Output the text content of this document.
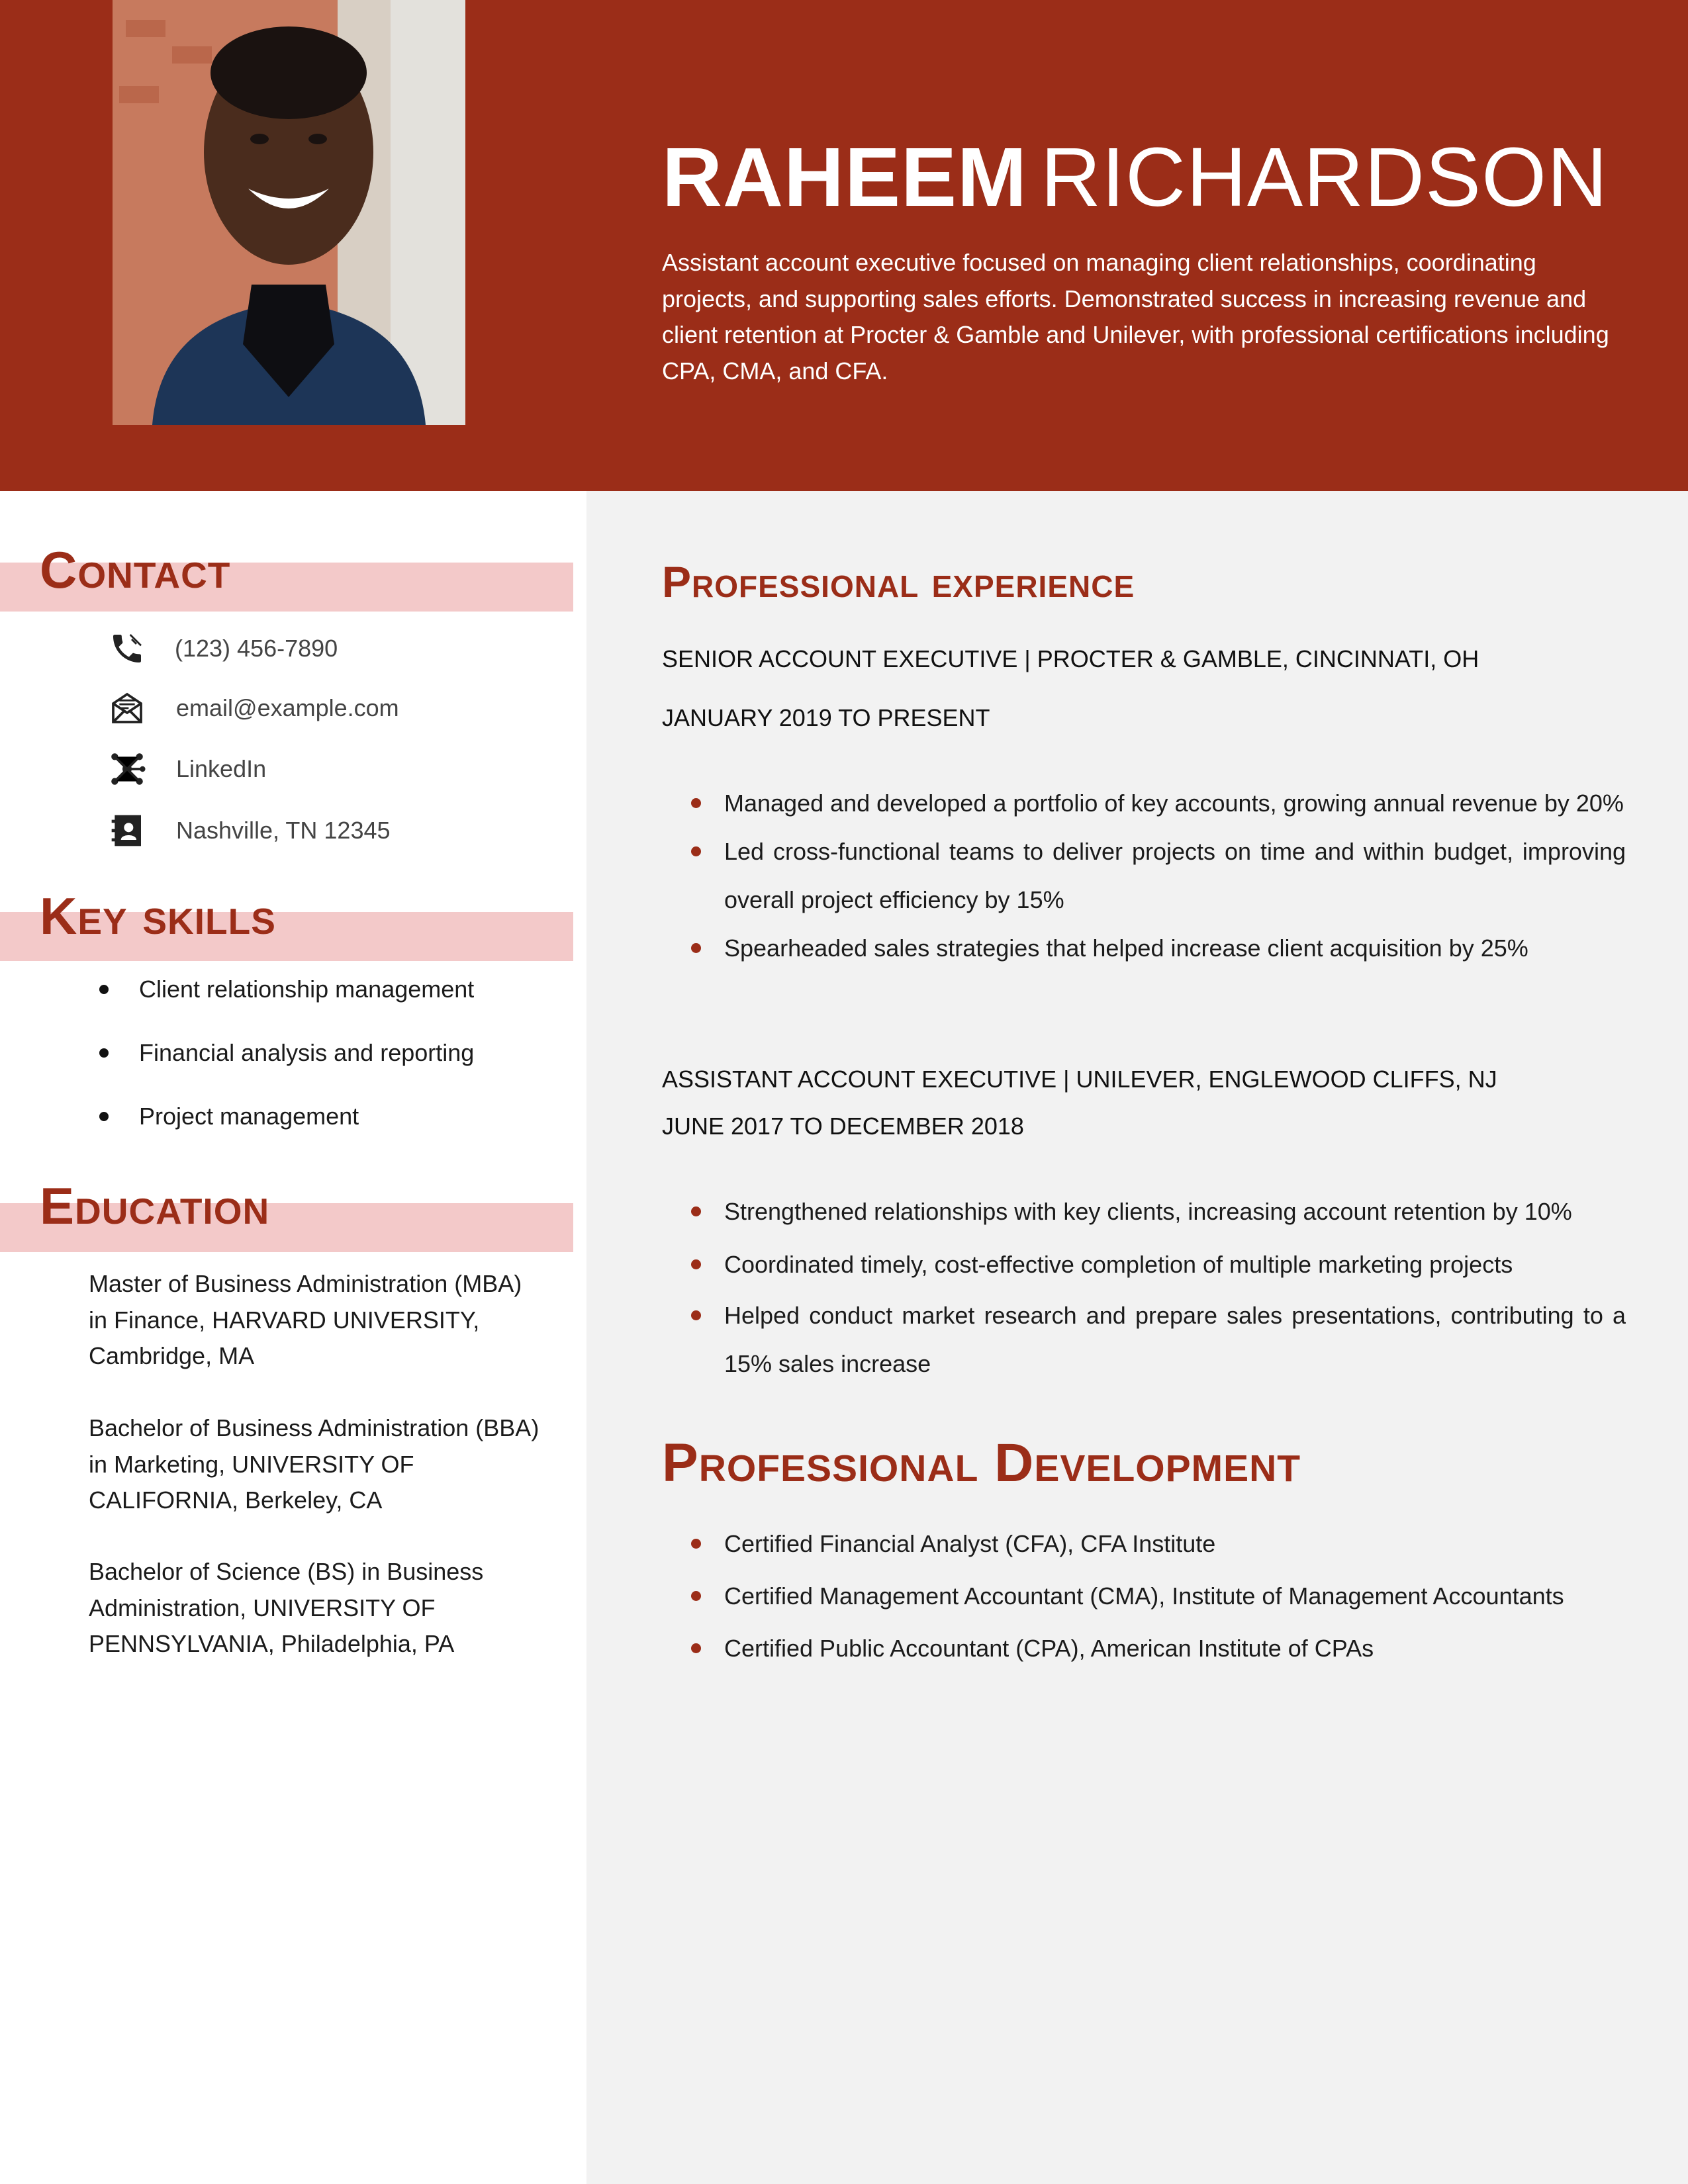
RAHEEM RICHARDSON
Assistant account executive focused on managing client relationships, coordinating projects, and supporting sales efforts. Demonstrated success in increasing revenue and client retention at Procter & Gamble and Unilever, with professional certifications including CPA, CMA, and CFA.
Contact
(123) 456-7890
email@example.com
LinkedIn
Nashville, TN 12345
Key skills
Client relationship management
Financial analysis and reporting
Project management
Education
Master of Business Administration (MBA) in Finance, HARVARD UNIVERSITY, Cambridge, MA
Bachelor of Business Administration (BBA) in Marketing, UNIVERSITY OF CALIFORNIA, Berkeley, CA
Bachelor of Science (BS) in Business Administration, UNIVERSITY OF PENNSYLVANIA, Philadelphia, PA
Professional experience
SENIOR ACCOUNT EXECUTIVE | PROCTER & GAMBLE, CINCINNATI, OH
JANUARY 2019 TO PRESENT
Managed and developed a portfolio of key accounts, growing annual revenue by 20%
Led cross-functional teams to deliver projects on time and within budget, improving overall project efficiency by 15%
Spearheaded sales strategies that helped increase client acquisition by 25%
ASSISTANT ACCOUNT EXECUTIVE | UNILEVER, ENGLEWOOD CLIFFS, NJ
JUNE 2017 TO DECEMBER 2018
Strengthened relationships with key clients, increasing account retention by 10%
Coordinated timely, cost-effective completion of multiple marketing projects
Helped conduct market research and prepare sales presentations, contributing to a 15% sales increase
Professional Development
Certified Financial Analyst (CFA), CFA Institute
Certified Management Accountant (CMA), Institute of Management Accountants
Certified Public Accountant (CPA), American Institute of CPAs
